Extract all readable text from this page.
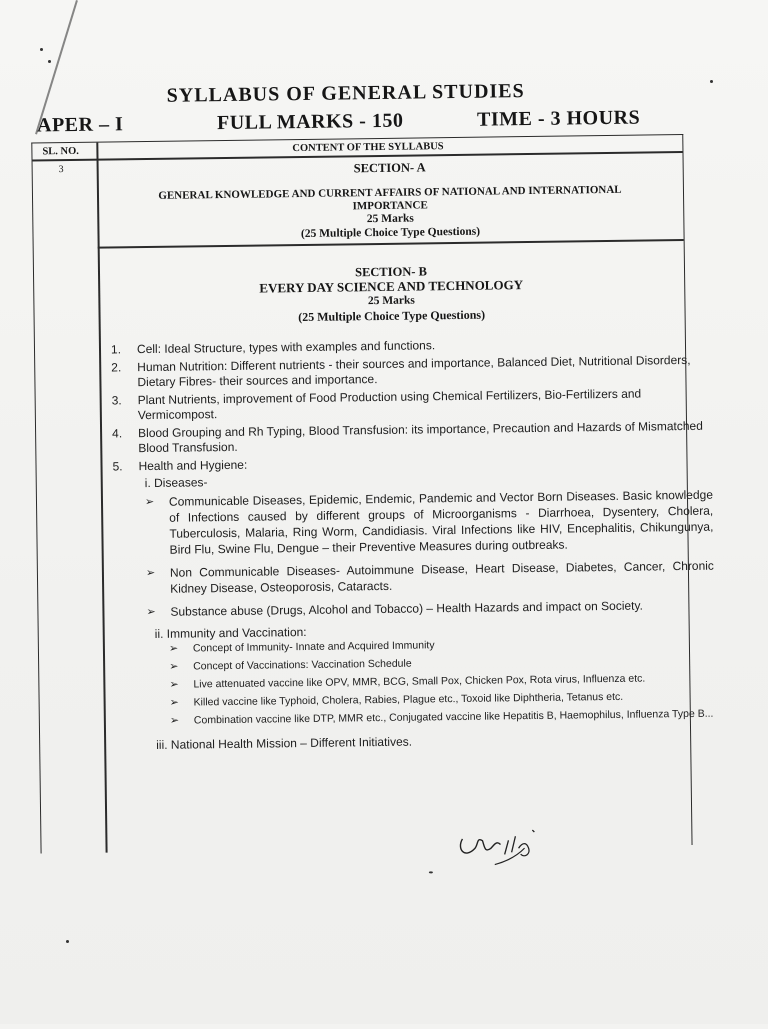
SYLLABUS OF GENERAL STUDIES
APER – I	FULL MARKS - 150	TIME - 3 HOURS
SL. NO.	CONTENT OF THE SYLLABUS
3	SECTION- A
GENERAL KNOWLEDGE AND CURRENT AFFAIRS OF NATIONAL AND INTERNATIONAL
IMPORTANCE
25 Marks
(25 Multiple Choice Type Questions)
SECTION- B
EVERY DAY SCIENCE AND TECHNOLOGY
25 Marks
(25 Multiple Choice Type Questions)
1. Cell: Ideal Structure, types with examples and functions.
2. Human Nutrition: Different nutrients - their sources and importance, Balanced Diet, Nutritional Disorders, Dietary Fibres- their sources and importance.
3. Plant Nutrients, improvement of Food Production using Chemical Fertilizers, Bio-Fertilizers and Vermicompost.
4. Blood Grouping and Rh Typing, Blood Transfusion: its importance, Precaution and Hazards of Mismatched Blood Transfusion.
5. Health and Hygiene:
i. Diseases-
➢ Communicable Diseases, Epidemic, Endemic, Pandemic and Vector Born Diseases. Basic knowledge of Infections caused by different groups of Microorganisms - Diarrhoea, Dysentery, Cholera, Tuberculosis, Malaria, Ring Worm, Candidiasis. Viral Infections like HIV, Encephalitis, Chikungunya, Bird Flu, Swine Flu, Dengue – their Preventive Measures during outbreaks.
➢ Non Communicable Diseases- Autoimmune Disease, Heart Disease, Diabetes, Cancer, Chronic Kidney Disease, Osteoporosis, Cataracts.
➢ Substance abuse (Drugs, Alcohol and Tobacco) – Health Hazards and impact on Society.
ii. Immunity and Vaccination:
➢ Concept of Immunity- Innate and Acquired Immunity
➢ Concept of Vaccinations: Vaccination Schedule
➢ Live attenuated vaccine like OPV, MMR, BCG, Small Pox, Chicken Pox, Rota virus, Influenza etc.
➢ Killed vaccine like Typhoid, Cholera, Rabies, Plague etc., Toxoid like Diphtheria, Tetanus etc.
➢ Combination vaccine like DTP, MMR etc., Conjugated vaccine like Hepatitis B, Haemophilus, Influenza Type B...
iii. National Health Mission – Different Initiatives.
